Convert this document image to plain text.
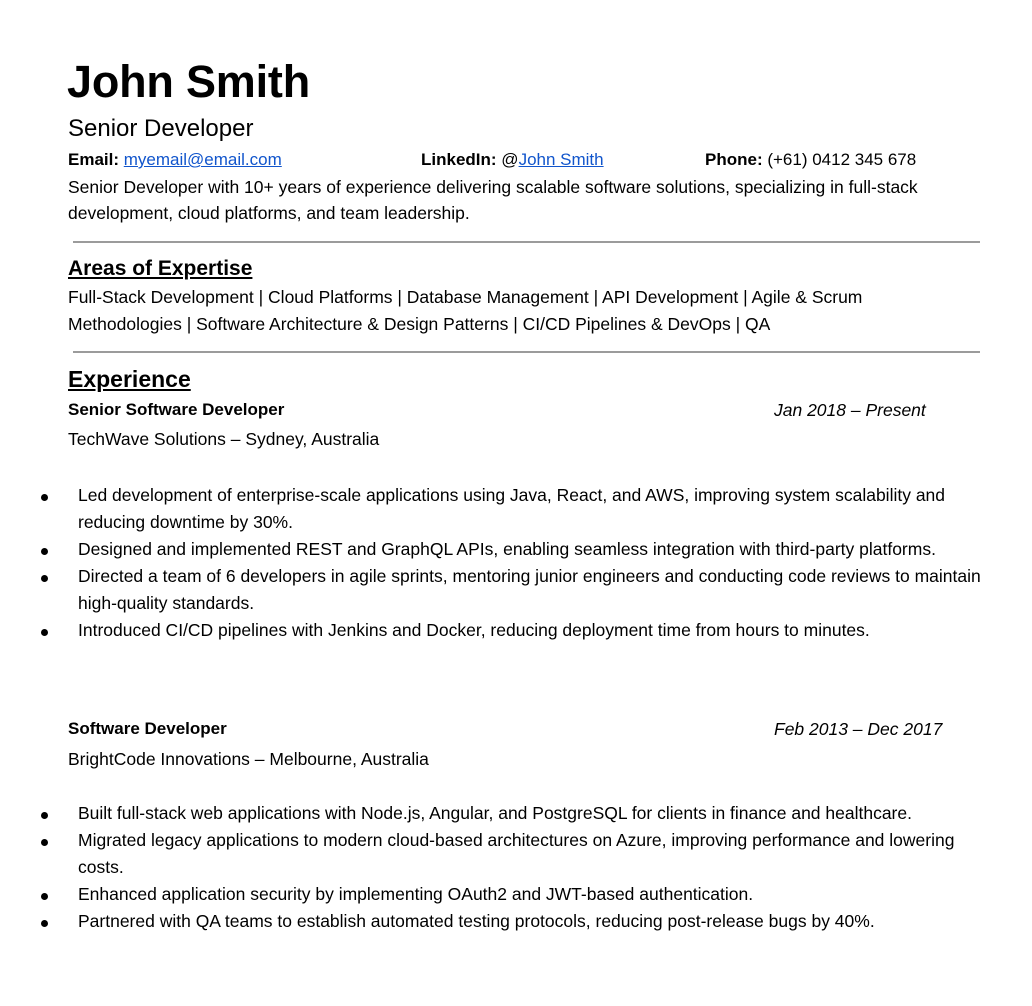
John Smith
Senior Developer
Email: myemail@email.com	LinkedIn: @John Smith	Phone: (+61) 0412 345 678

Senior Developer with 10+ years of experience delivering scalable software solutions, specializing in full-stack development, cloud platforms, and team leadership.

Areas of Expertise

Full-Stack Development | Cloud Platforms | Database Management | API Development | Agile & Scrum Methodologies | Software Architecture & Design Patterns | CI/CD Pipelines & DevOps | QA

Experience
Senior Software Developer	Jan 2018 – Present
TechWave Solutions – Sydney, Australia
Led development of enterprise-scale applications using Java, React, and AWS, improving system scalability and reducing downtime by 30%.
Designed and implemented REST and GraphQL APIs, enabling seamless integration with third-party platforms.
Directed a team of 6 developers in agile sprints, mentoring junior engineers and conducting code reviews to maintain high-quality standards.
Introduced CI/CD pipelines with Jenkins and Docker, reducing deployment time from hours to minutes.
Software Developer	Feb 2013 – Dec 2017
BrightCode Innovations – Melbourne, Australia
Built full-stack web applications with Node.js, Angular, and PostgreSQL for clients in finance and healthcare.
Migrated legacy applications to modern cloud-based architectures on Azure, improving performance and lowering costs.
Enhanced application security by implementing OAuth2 and JWT-based authentication.
Partnered with QA teams to establish automated testing protocols, reducing post-release bugs by 40%.
